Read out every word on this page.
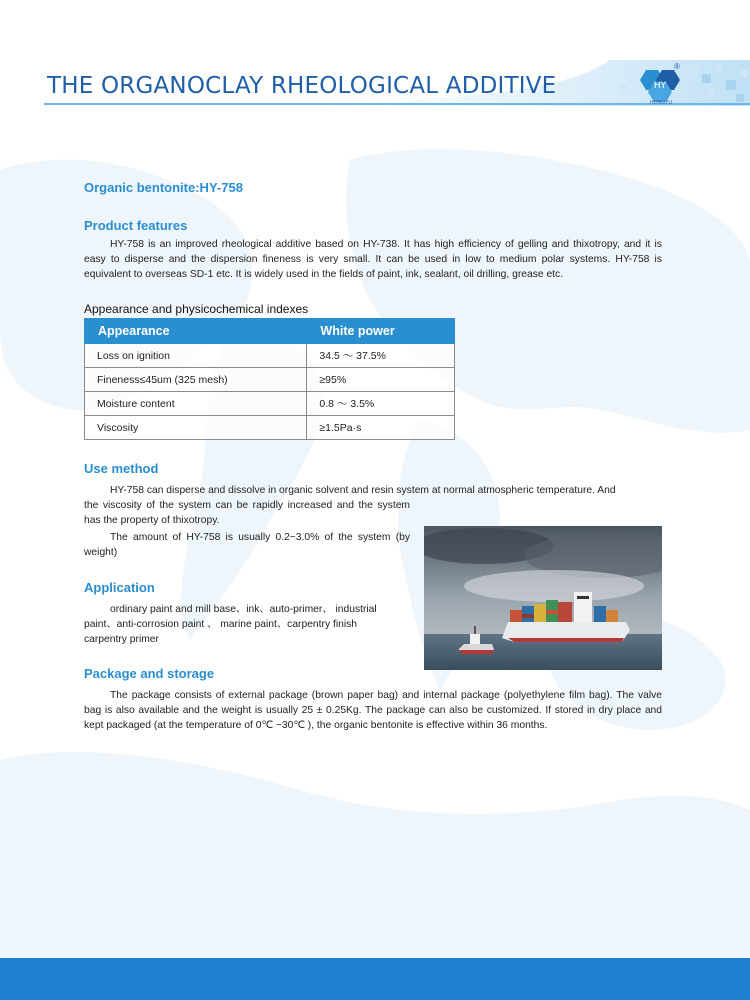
THE ORGANOCLAY RHEOLOGICAL ADDITIVE	HY
®
HONGYU
Organic bentonite:HY-758
Product features

HY-758 is an improved rheological additive based on HY-738. It has high efficiency of gelling and thixotropy, and it is easy to disperse and the dispersion fineness is very small. It can be used in low to medium polar systems. HY-758 is equivalent to overseas SD-1 etc. It is widely used in the fields of paint, ink, sealant, oil drilling, grease etc.

Appearance and physicochemical indexes
Appearance	White power
Loss on ignition	34.5 ～ 37.5%
Fineness≤45um (325 mesh)	≥95%
Moisture content	0.8 ～ 3.5%
Viscosity	≥1.5Pa·s
Use method

HY-758 can disperse and dissolve in organic solvent and resin system at normal atmospheric temperature. And

the viscosity of the system can be rapidly increased and the system has the property of thixotropy.

The amount of HY-758 is usually 0.2~3.0% of the system (by weight)

Application

ordinary paint and mill base、ink、auto-primer、 industrial paint、anti-corrosion paint 、 marine paint、carpentry finish carpentry primer

Package and storage

The package consists of external package (brown paper bag) and internal package (polyethylene film bag). The valve bag is also available and the weight is usually 25 ± 0.25Kg. The package can also be customized. If stored in dry place and kept packaged (at the temperature of 0℃ ~30℃ ), the organic bentonite is effective within 36 months.
